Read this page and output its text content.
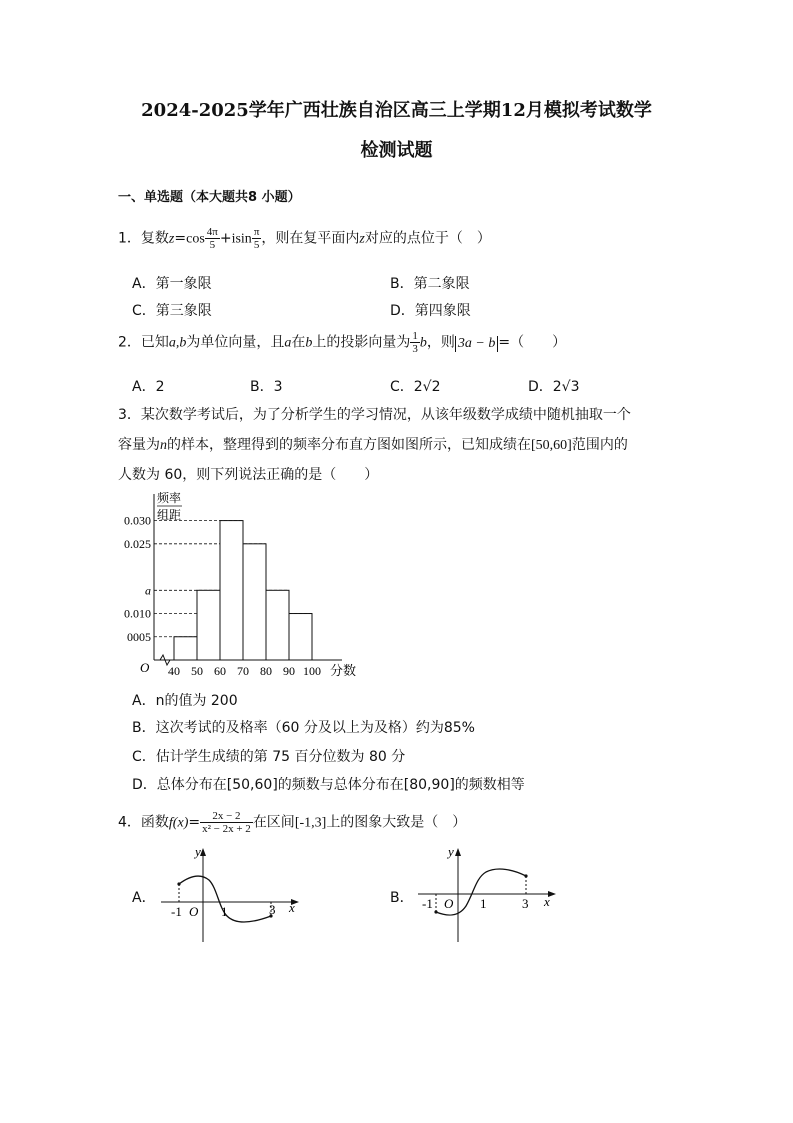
2024-2025学年广西壮族自治区高三上学期12月模拟考试数学
检测试题
一、单选题（本大题共8 小题）
1．复数$z=\cos \frac{4\pi}{5} +isin \frac{\pi}{5}$ ，则在复平面内z对应的点位于（　）
A．第一象限	B．第二象限
C．第三象限	D．第四象限
2．已知a,b为单位向量，且a在b上的投影向量为 $\frac{1}{3}$ b，则 3a − b =（　　）
A．2	B．3	C．2√2	D．2√3
3．某次数学考试后，为了分析学生的学习情况，从该年级数学成绩中随机抽取一个
容量为n的样本，整理得到的频率分布直方图如图所示，已知成绩在[50,60]范围内的
人数为 60，则下列说法正确的是（　　）
频率
组距
0.030
0.025
a
0.010
0005
40 50 60 70 80 90 100 分数
O
A．n的值为 200
B．这次考试的及格率（60 分及以上为及格）约为85%
C．估计学生成绩的第 75 百分位数为 80 分
D．总体分布在[50,60]的频数与总体分布在[80,90]的频数相等
4．函数$f(x)= \frac{2x - 2}{\text{x² − 2x + 2}}$ 在区间[-1,3]上的图象大致是（　）
A．
y
x
-1 O 1	3
B．
y
x
-1 O 1	3
